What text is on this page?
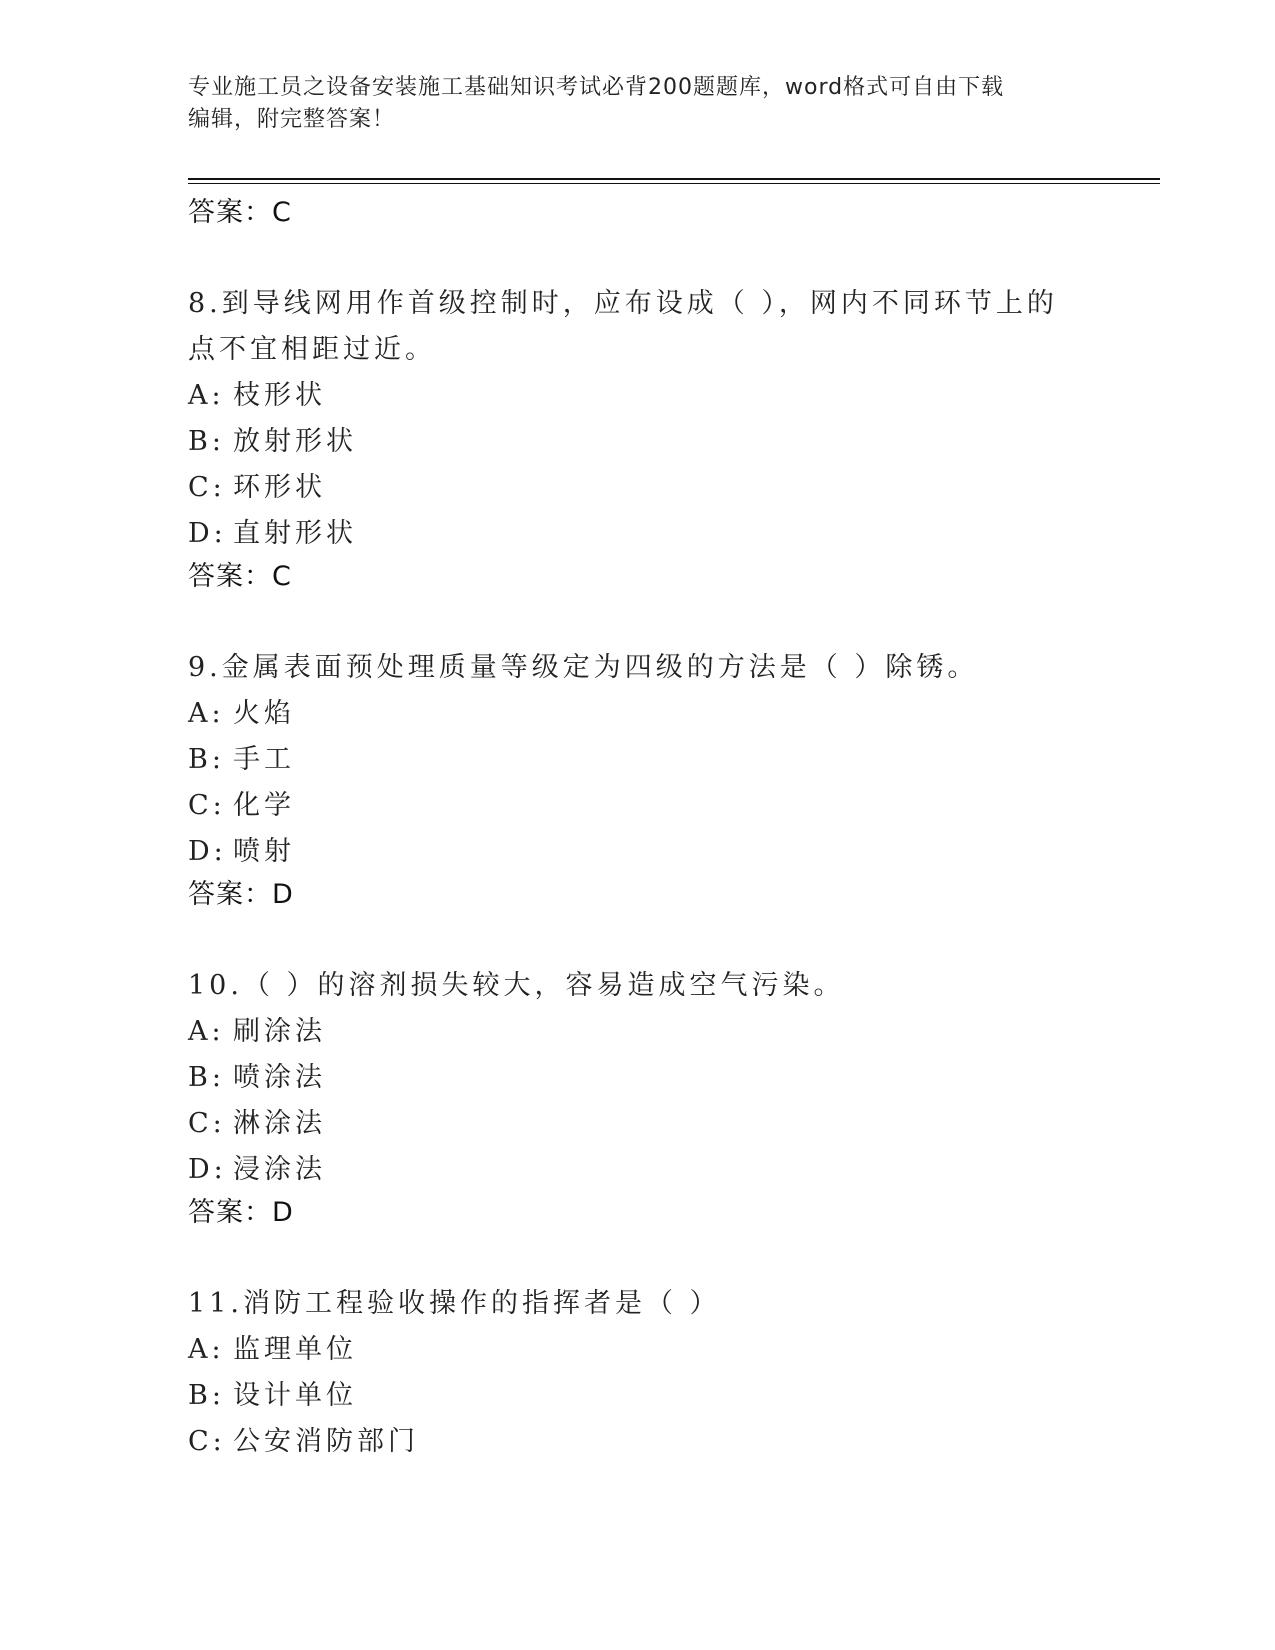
专业施工员之设备安装施工基础知识考试必背200题题库，word格式可自由下载
编辑，附完整答案！
答案：C
8.到导线网用作首级控制时，应布设成（ ），网内不同环节上的点不宜相距过近。
A: 枝形状
B: 放射形状
C: 环形状
D: 直射形状
答案：C
9.金属表面预处理质量等级定为四级的方法是（ ）除锈。
A: 火焰
B: 手工
C: 化学
D: 喷射
答案：D
10.（ ）的溶剂损失较大，容易造成空气污染。
A: 刷涂法
B: 喷涂法
C: 淋涂法
D: 浸涂法
答案：D
11.消防工程验收操作的指挥者是（ ）
A: 监理单位
B: 设计单位
C: 公安消防部门
